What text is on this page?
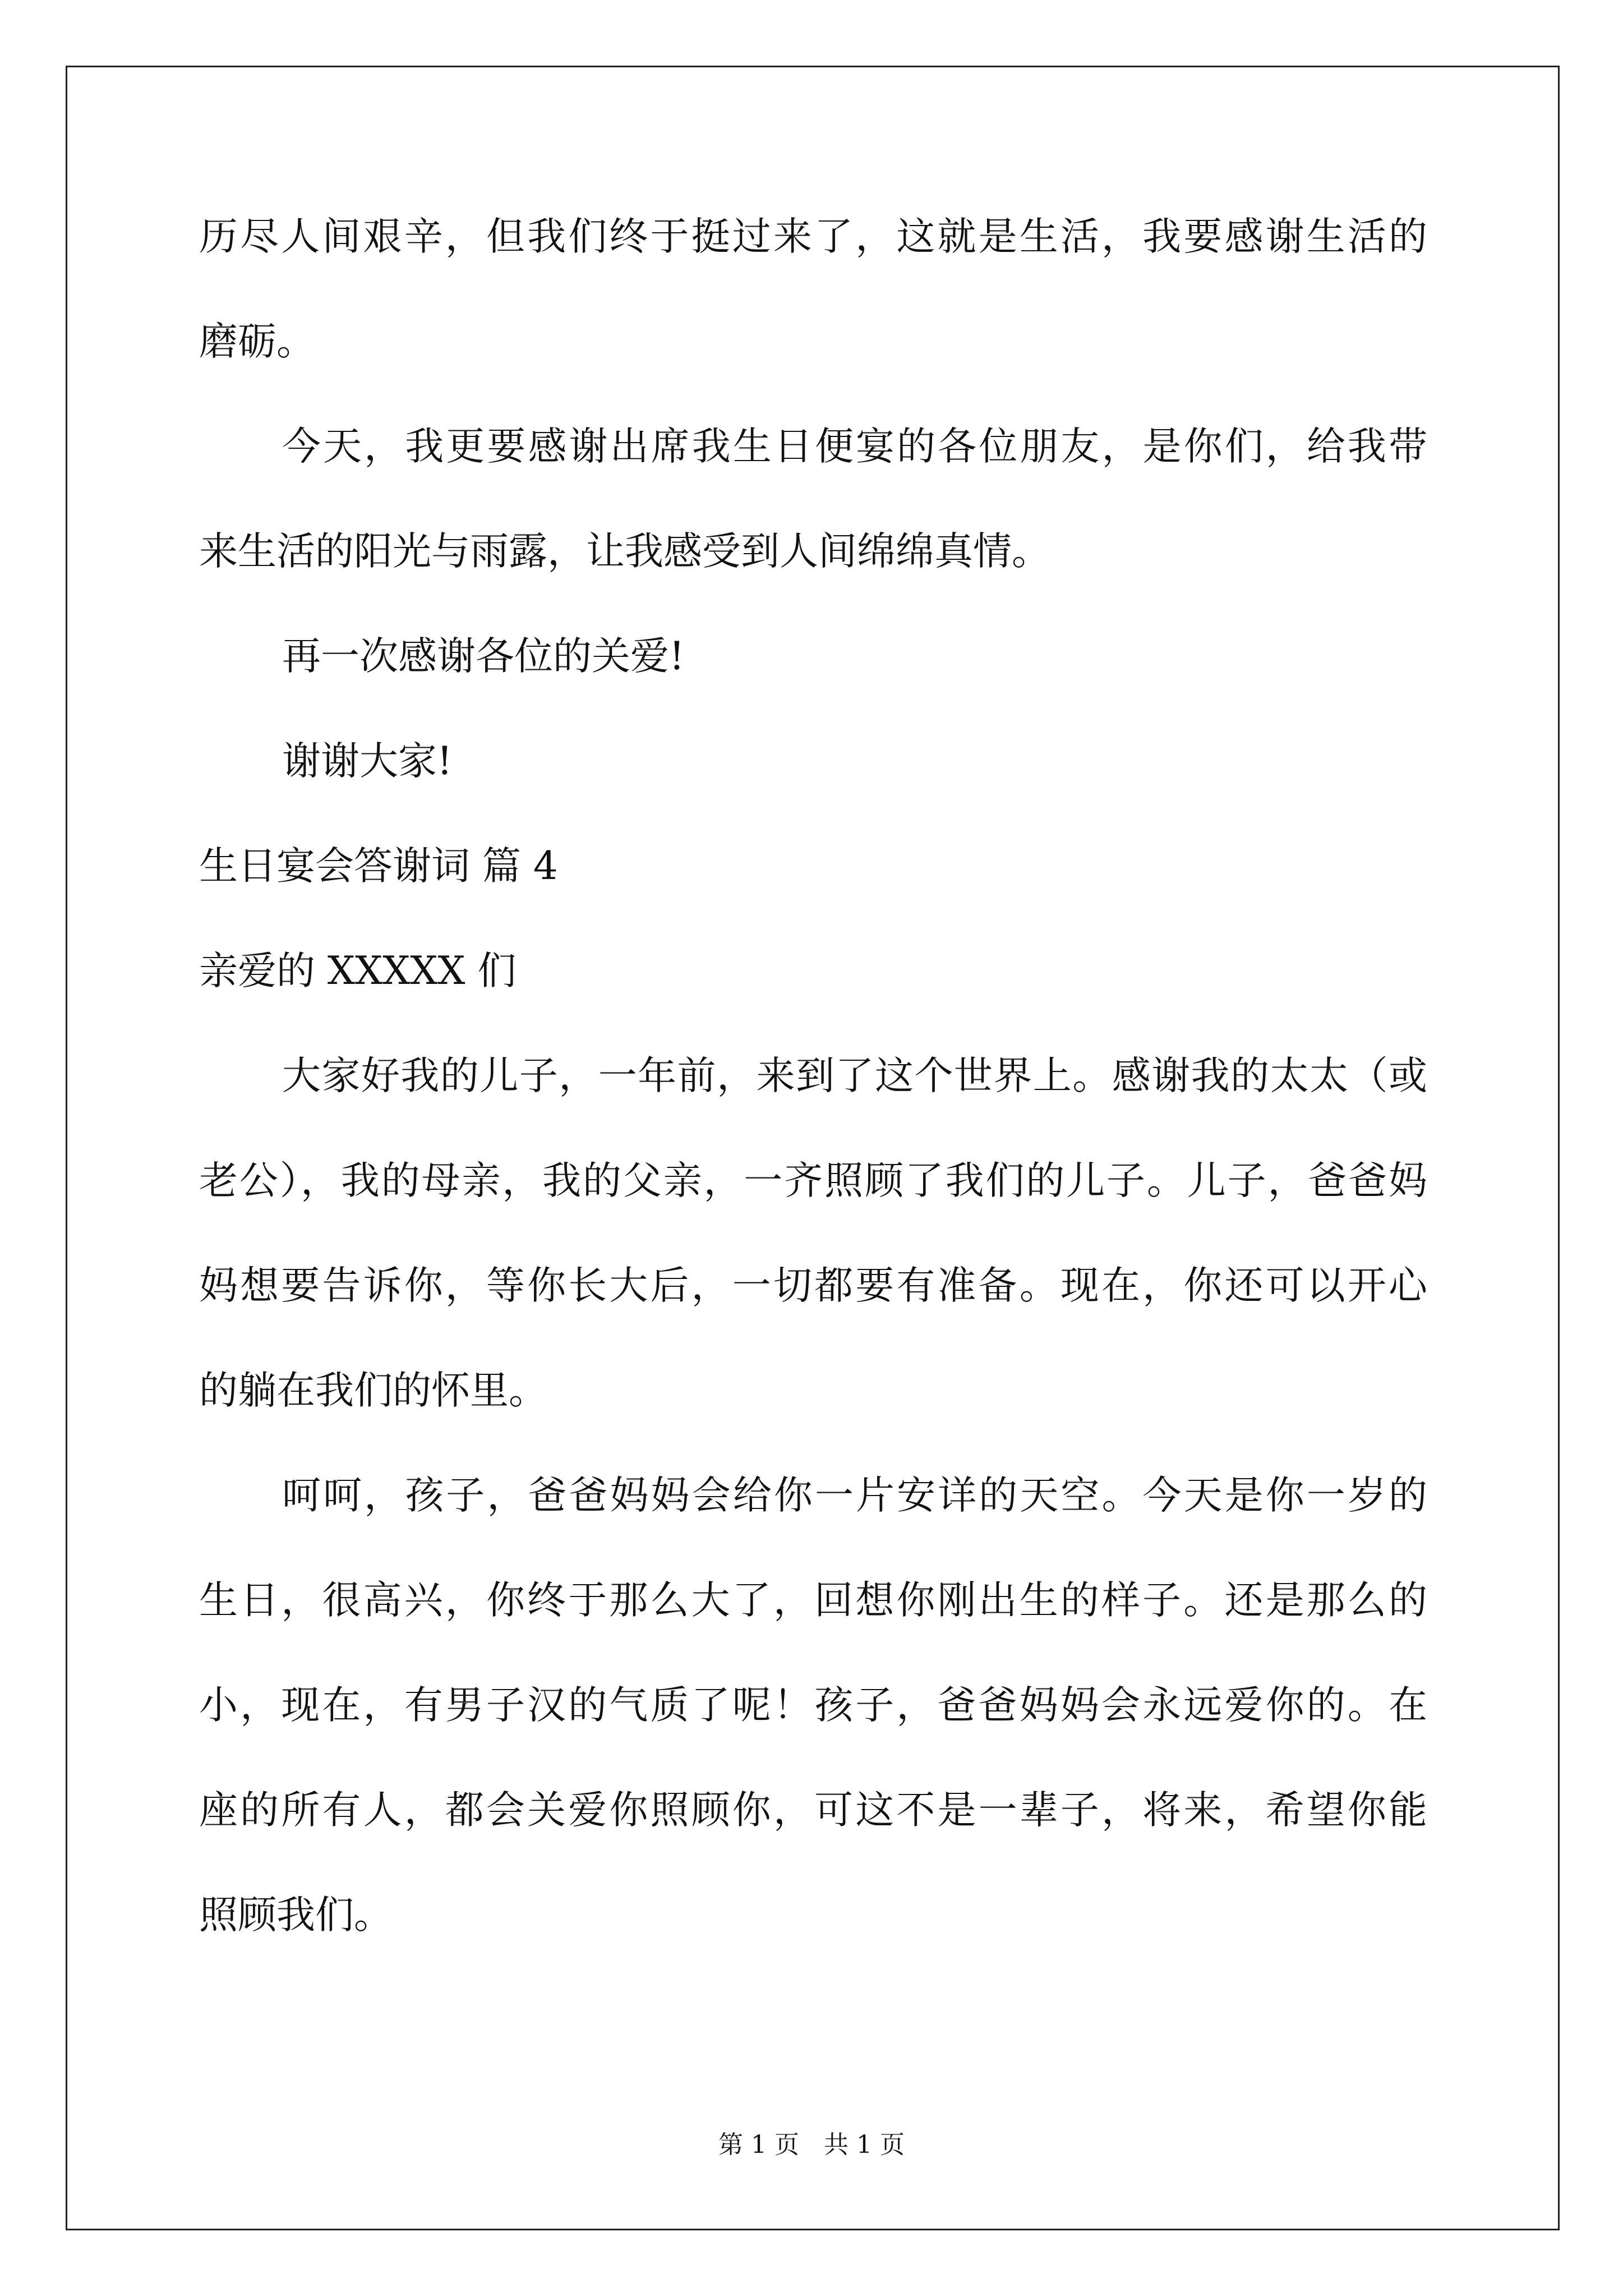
历尽人间艰辛，但我们终于挺过来了，这就是生活，我要感谢生活的
磨砺。
今天，我更要感谢出席我生日便宴的各位朋友，是你们，给我带
来生活的阳光与雨露，让我感受到人间绵绵真情。
再一次感谢各位的关爱!
谢谢大家!
生日宴会答谢词 篇 4
亲爱的 XXXXX 们
大家好我的儿子，一年前，来到了这个世界上。感谢我的太太（或
老公），我的母亲，我的父亲，一齐照顾了我们的儿子。儿子，爸爸妈
妈想要告诉你，等你长大后，一切都要有准备。现在，你还可以开心
的躺在我们的怀里。
呵呵，孩子，爸爸妈妈会给你一片安详的天空。今天是你一岁的
生日，很高兴，你终于那么大了，回想你刚出生的样子。还是那么的
小，现在，有男子汉的气质了呢！孩子，爸爸妈妈会永远爱你的。在
座的所有人，都会关爱你照顾你，可这不是一辈子，将来，希望你能
照顾我们。
第 1 页　共 1 页
